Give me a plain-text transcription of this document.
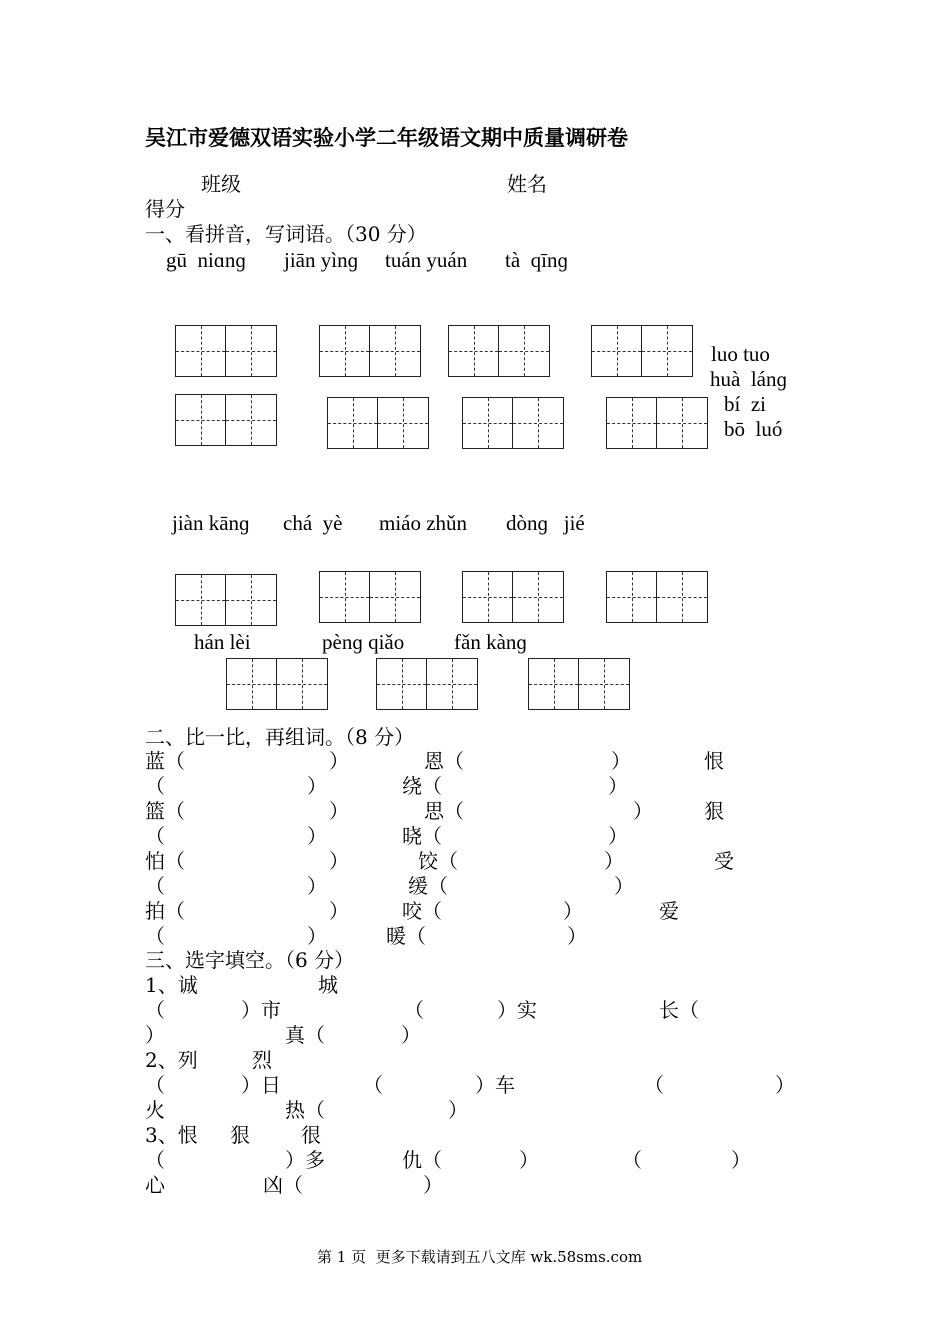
吴江市爱德双语实验小学二年级语文期中质量调研卷
班级	姓名
得分
一、看拼音，写词语。（30 分）
gū  niɑnɡ jiān yìnɡ tuán yuán tà  qīnɡ
luo tuo
huà  lánɡ
bí  zi
bō  luó
jiàn kānɡ chá  yè miáo zhǔn dònɡ   jié
hán lèi	pènɡ qiǎo fǎn kànɡ
二、比一比，再组词。（8 分）
蓝（	）	恩（	）	恨
（	）	绕（	）
篮（	）	思（	）	狠
（	）	晓（	）
怕（	）	饺（	）	受
（	）	缓（	）
拍（	）	咬（	）	爱
（	）	暖（	）
三、选字填空。（6 分）
1、诚	城
（	）市	（	）实	长（
）	真（	）
2、列	烈
（	）日	（	）车	（	）
火	热（	）
3、恨 狠	很
（	）多	仇（	）	（	）
心	凶（	）
第 1 页  更多下载请到五八文库 wk.58sms.com
